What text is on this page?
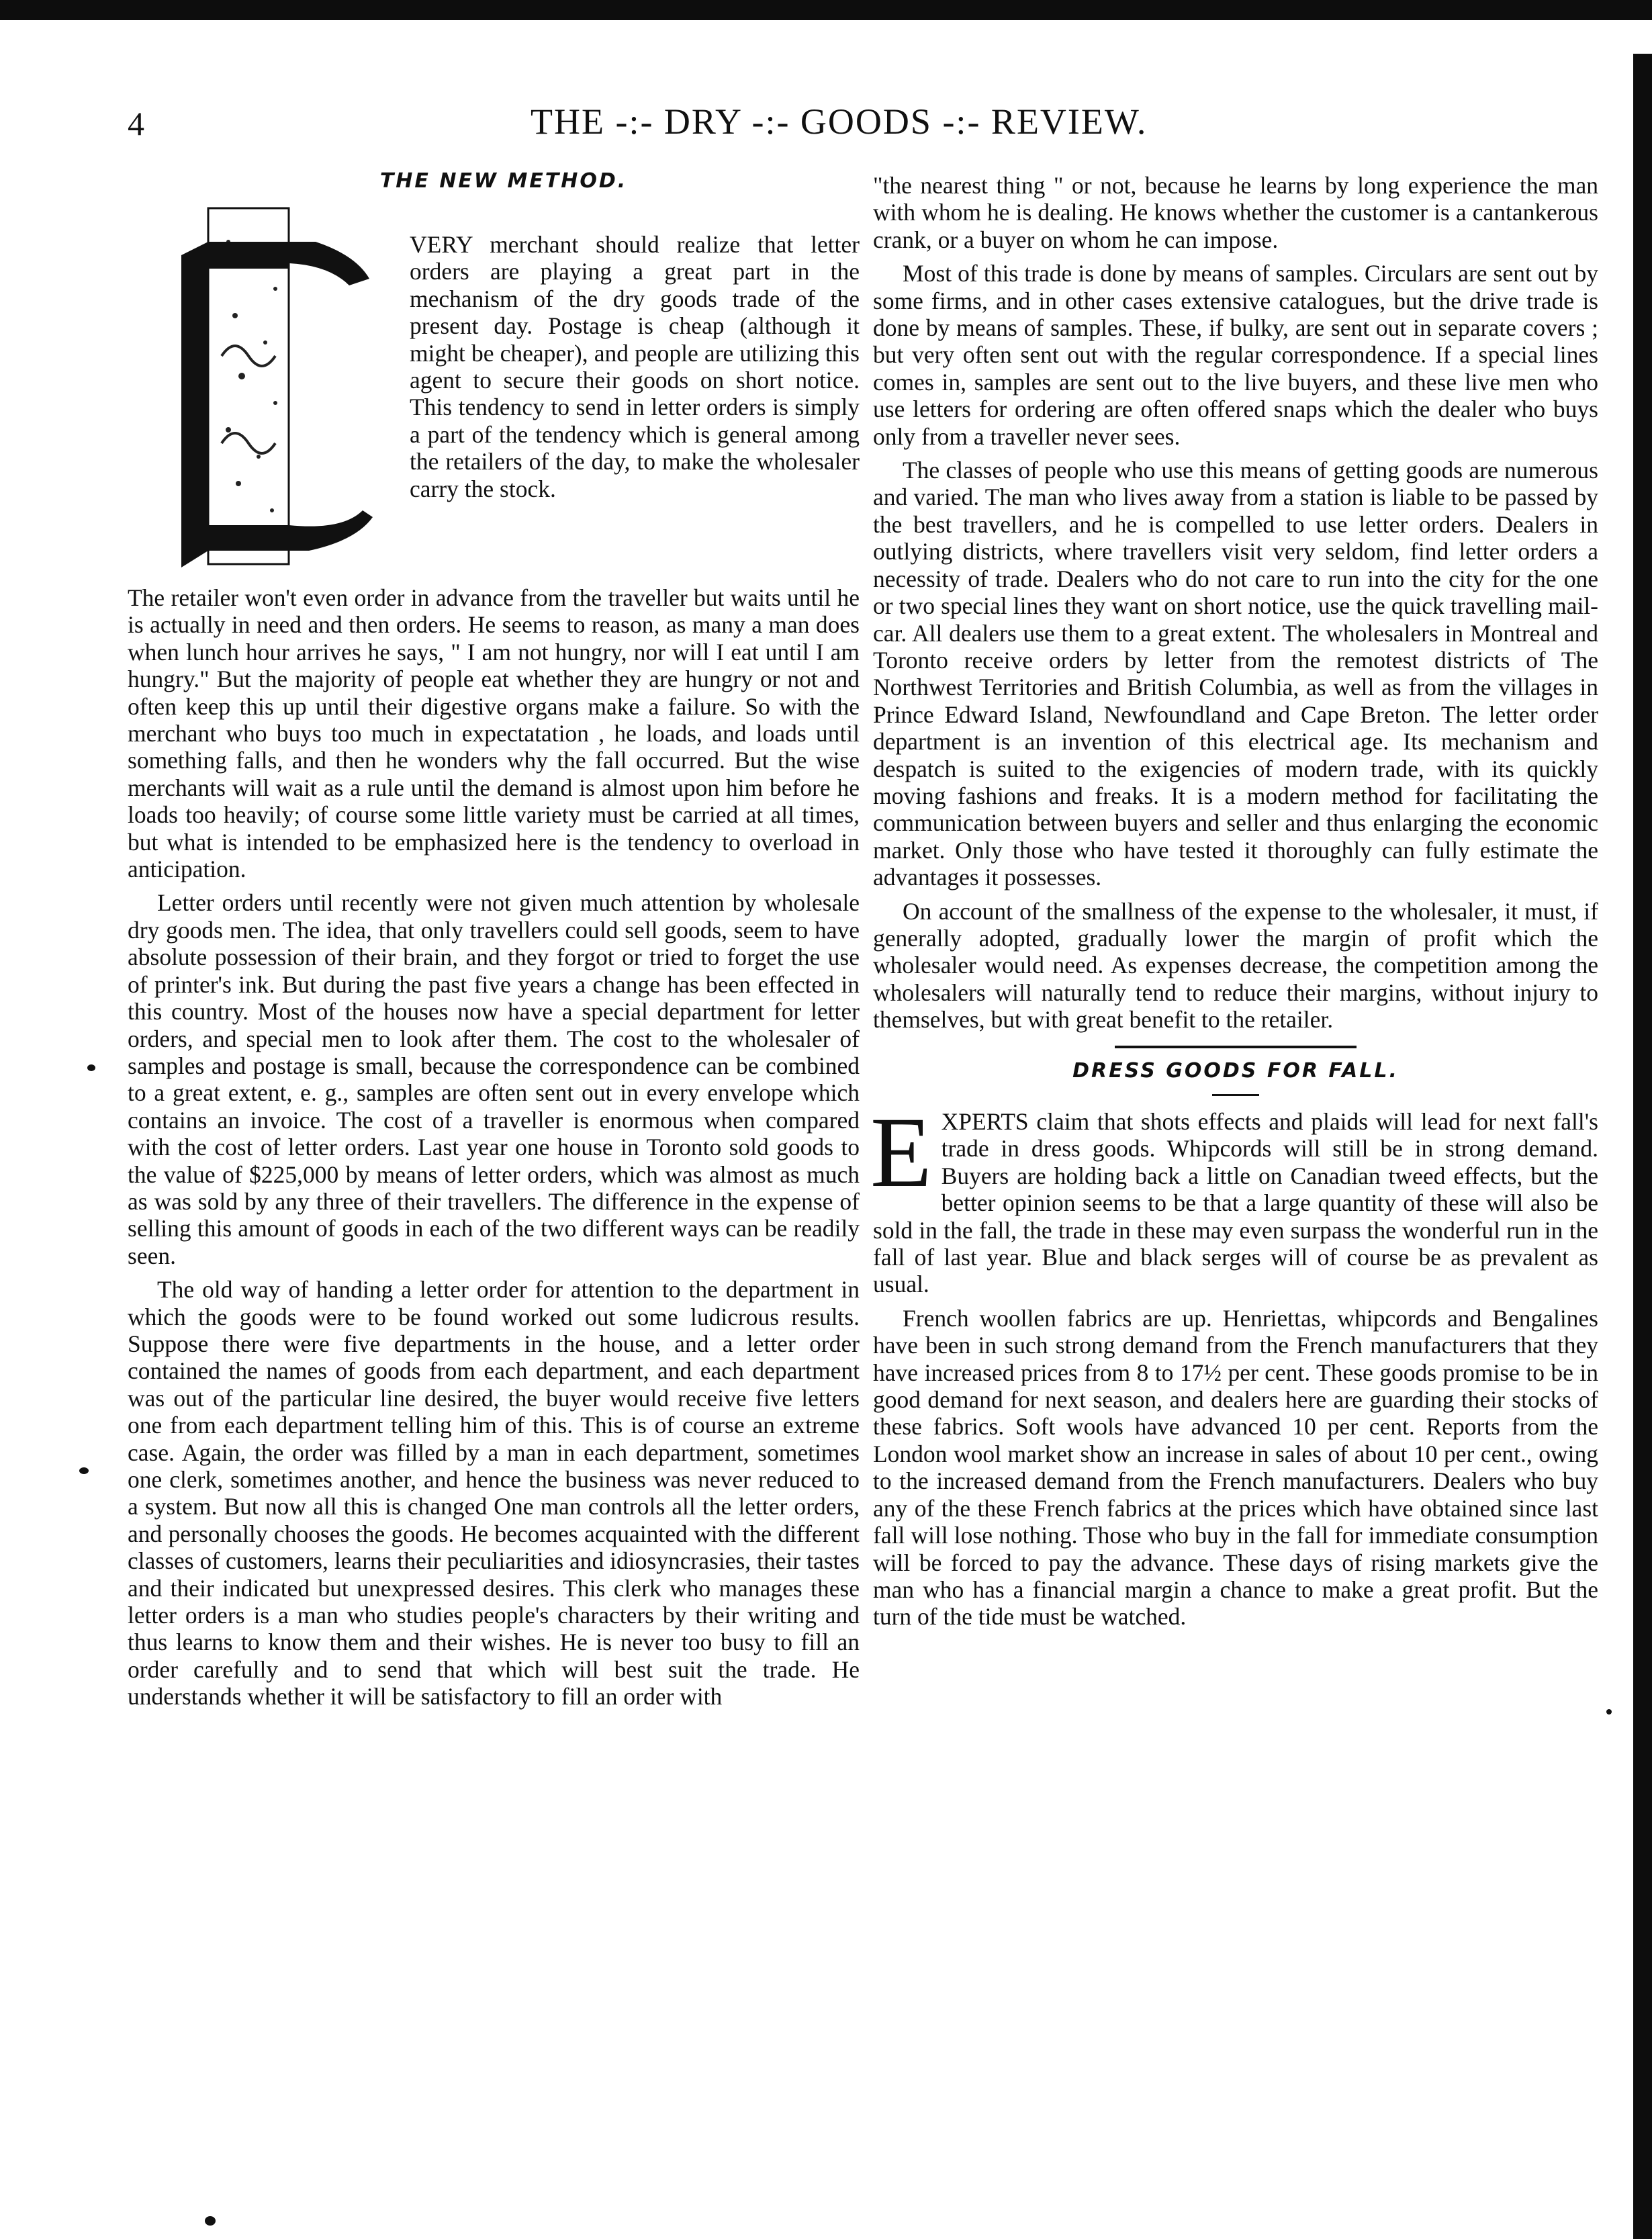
4	THE -:- DRY -:- GOODS -:- REVIEW.
THE NEW METHOD.

VERY merchant should realize that letter orders are playing a great part in the mechanism of the dry goods trade of the present day. Postage is cheap (although it might be cheaper), and people are utilizing this agent to secure their goods on short notice. This tendency to send in letter orders is simply a part of the tendency which is general among the retailers of the day, to make the wholesaler carry the stock.

The retailer won't even order in advance from the traveller but waits until he is actually in need and then orders. He seems to reason, as many a man does when lunch hour arrives he says, " I am not hungry, nor will I eat until I am hungry." But the majority of people eat whether they are hungry or not and often keep this up until their digestive organs make a failure. So with the merchant who buys too much in expectatation , he loads, and loads until something falls, and then he wonders why the fall occurred. But the wise merchants will wait as a rule until the demand is almost upon him before he loads too heavily; of course some little variety must be carried at all times, but what is intended to be emphasized here is the tendency to overload in anticipation.

Letter orders until recently were not given much attention by wholesale dry goods men. The idea, that only travellers could sell goods, seem to have absolute possession of their brain, and they forgot or tried to forget the use of printer's ink. But during the past five years a change has been effected in this country. Most of the houses now have a special department for letter orders, and special men to look after them. The cost to the wholesaler of samples and postage is small, because the correspondence can be combined to a great extent, e. g., samples are often sent out in every envelope which contains an invoice. The cost of a traveller is enormous when compared with the cost of letter orders. Last year one house in Toronto sold goods to the value of $225,000 by means of letter orders, which was almost as much as was sold by any three of their travellers. The difference in the expense of selling this amount of goods in each of the two different ways can be readily seen.

The old way of handing a letter order for attention to the department in which the goods were to be found worked out some ludicrous results. Suppose there were five departments in the house, and a letter order contained the names of goods from each department, and each department was out of the particular line desired, the buyer would receive five letters one from each department telling him of this. This is of course an extreme case. Again, the order was filled by a man in each department, sometimes one clerk, sometimes another, and hence the business was never reduced to a system. But now all this is changed One man controls all the letter orders, and personally chooses the goods. He becomes acquainted with the different classes of customers, learns their peculiarities and idiosyncrasies, their tastes and their indicated but unexpressed desires. This clerk who manages these letter orders is a man who studies people's characters by their writing and thus learns to know them and their wishes. He is never too busy to fill an order carefully and to send that which will best suit the trade. He understands whether it will be satisfactory to fill an order with

"the nearest thing " or not, because he learns by long experience the man with whom he is dealing. He knows whether the customer is a cantankerous crank, or a buyer on whom he can impose.

Most of this trade is done by means of samples. Circulars are sent out by some firms, and in other cases extensive catalogues, but the drive trade is done by means of samples. These, if bulky, are sent out in separate covers ; but very often sent out with the regular correspondence. If a special lines comes in, samples are sent out to the live buyers, and these live men who use letters for ordering are often offered snaps which the dealer who buys only from a traveller never sees.

The classes of people who use this means of getting goods are numerous and varied. The man who lives away from a station is liable to be passed by the best travellers, and he is compelled to use letter orders. Dealers in outlying districts, where travellers visit very seldom, find letter orders a necessity of trade. Dealers who do not care to run into the city for the one or two special lines they want on short notice, use the quick travelling mail-car. All dealers use them to a great extent. The wholesalers in Montreal and Toronto receive orders by letter from the remotest districts of The Northwest Territories and British Columbia, as well as from the villages in Prince Edward Island, Newfoundland and Cape Breton. The letter order department is an invention of this electrical age. Its mechanism and despatch is suited to the exigencies of modern trade, with its quickly moving fashions and freaks. It is a modern method for facilitating the communication between buyers and seller and thus enlarging the economic market. Only those who have tested it thoroughly can fully estimate the advantages it possesses.

On account of the smallness of the expense to the wholesaler, it must, if generally adopted, gradually lower the margin of profit which the wholesaler would need. As expenses decrease, the competition among the wholesalers will naturally tend to reduce their margins, without injury to themselves, but with great benefit to the retailer.

DRESS GOODS FOR FALL.
E XPERTS claim that shots effects and plaids will lead for next fall's trade in dress goods. Whipcords will still be in strong demand. Buyers are holding back a little on Canadian tweed effects, but the better opinion seems to be that a large quantity of these will also be sold in the fall, the trade in these may even surpass the wonderful run in the fall of last year. Blue and black serges will of course be as prevalent as usual.

French woollen fabrics are up. Henriettas, whipcords and Bengalines have been in such strong demand from the French manufacturers that they have increased prices from 8 to 17½ per cent. These goods promise to be in good demand for next season, and dealers here are guarding their stocks of these fabrics. Soft wools have advanced 10 per cent. Reports from the London wool market show an increase in sales of about 10 per cent., owing to the increased demand from the French manufacturers. Dealers who buy any of the these French fabrics at the prices which have obtained since last fall will lose nothing. Those who buy in the fall for immediate consumption will be forced to pay the advance. These days of rising markets give the man who has a financial margin a chance to make a great profit. But the turn of the tide must be watched.
